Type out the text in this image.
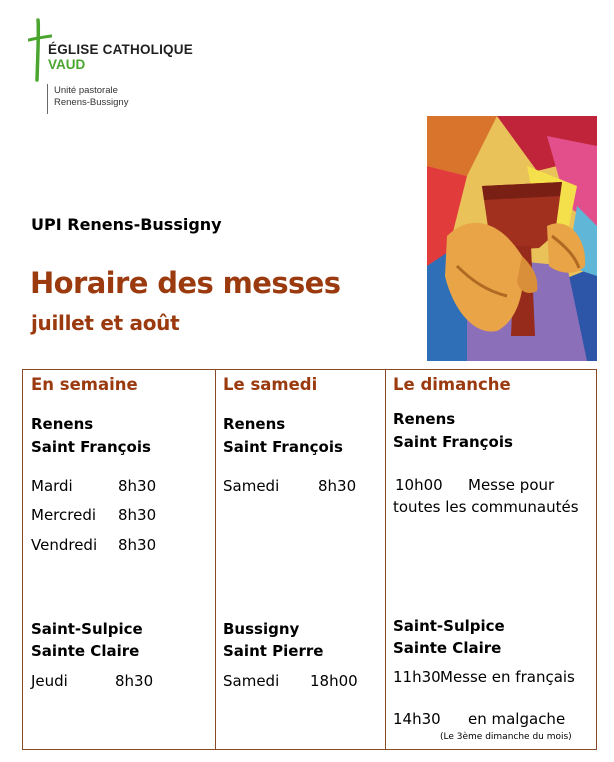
ÉGLISE CATHOLIQUE
VAUD
Unité pastorale
Renens-Bussigny
UPI Renens-Bussigny
Horaire des messes
juillet et août
En semaine
Renens
Saint François
Mardi	8h30
Mercredi 8h30
Vendredi 8h30
Saint-Sulpice
Sainte Claire
Jeudi	8h30
Le samedi
Renens
Saint François
Samedi	8h30
Bussigny
Saint Pierre
Samedi 18h00
Le dimanche
Renens
Saint François
10h00 Messe pour
toutes les communautés
Saint-Sulpice
Sainte Claire
11h30 Messe en français
14h30 en malgache
(Le 3ème dimanche du mois)
